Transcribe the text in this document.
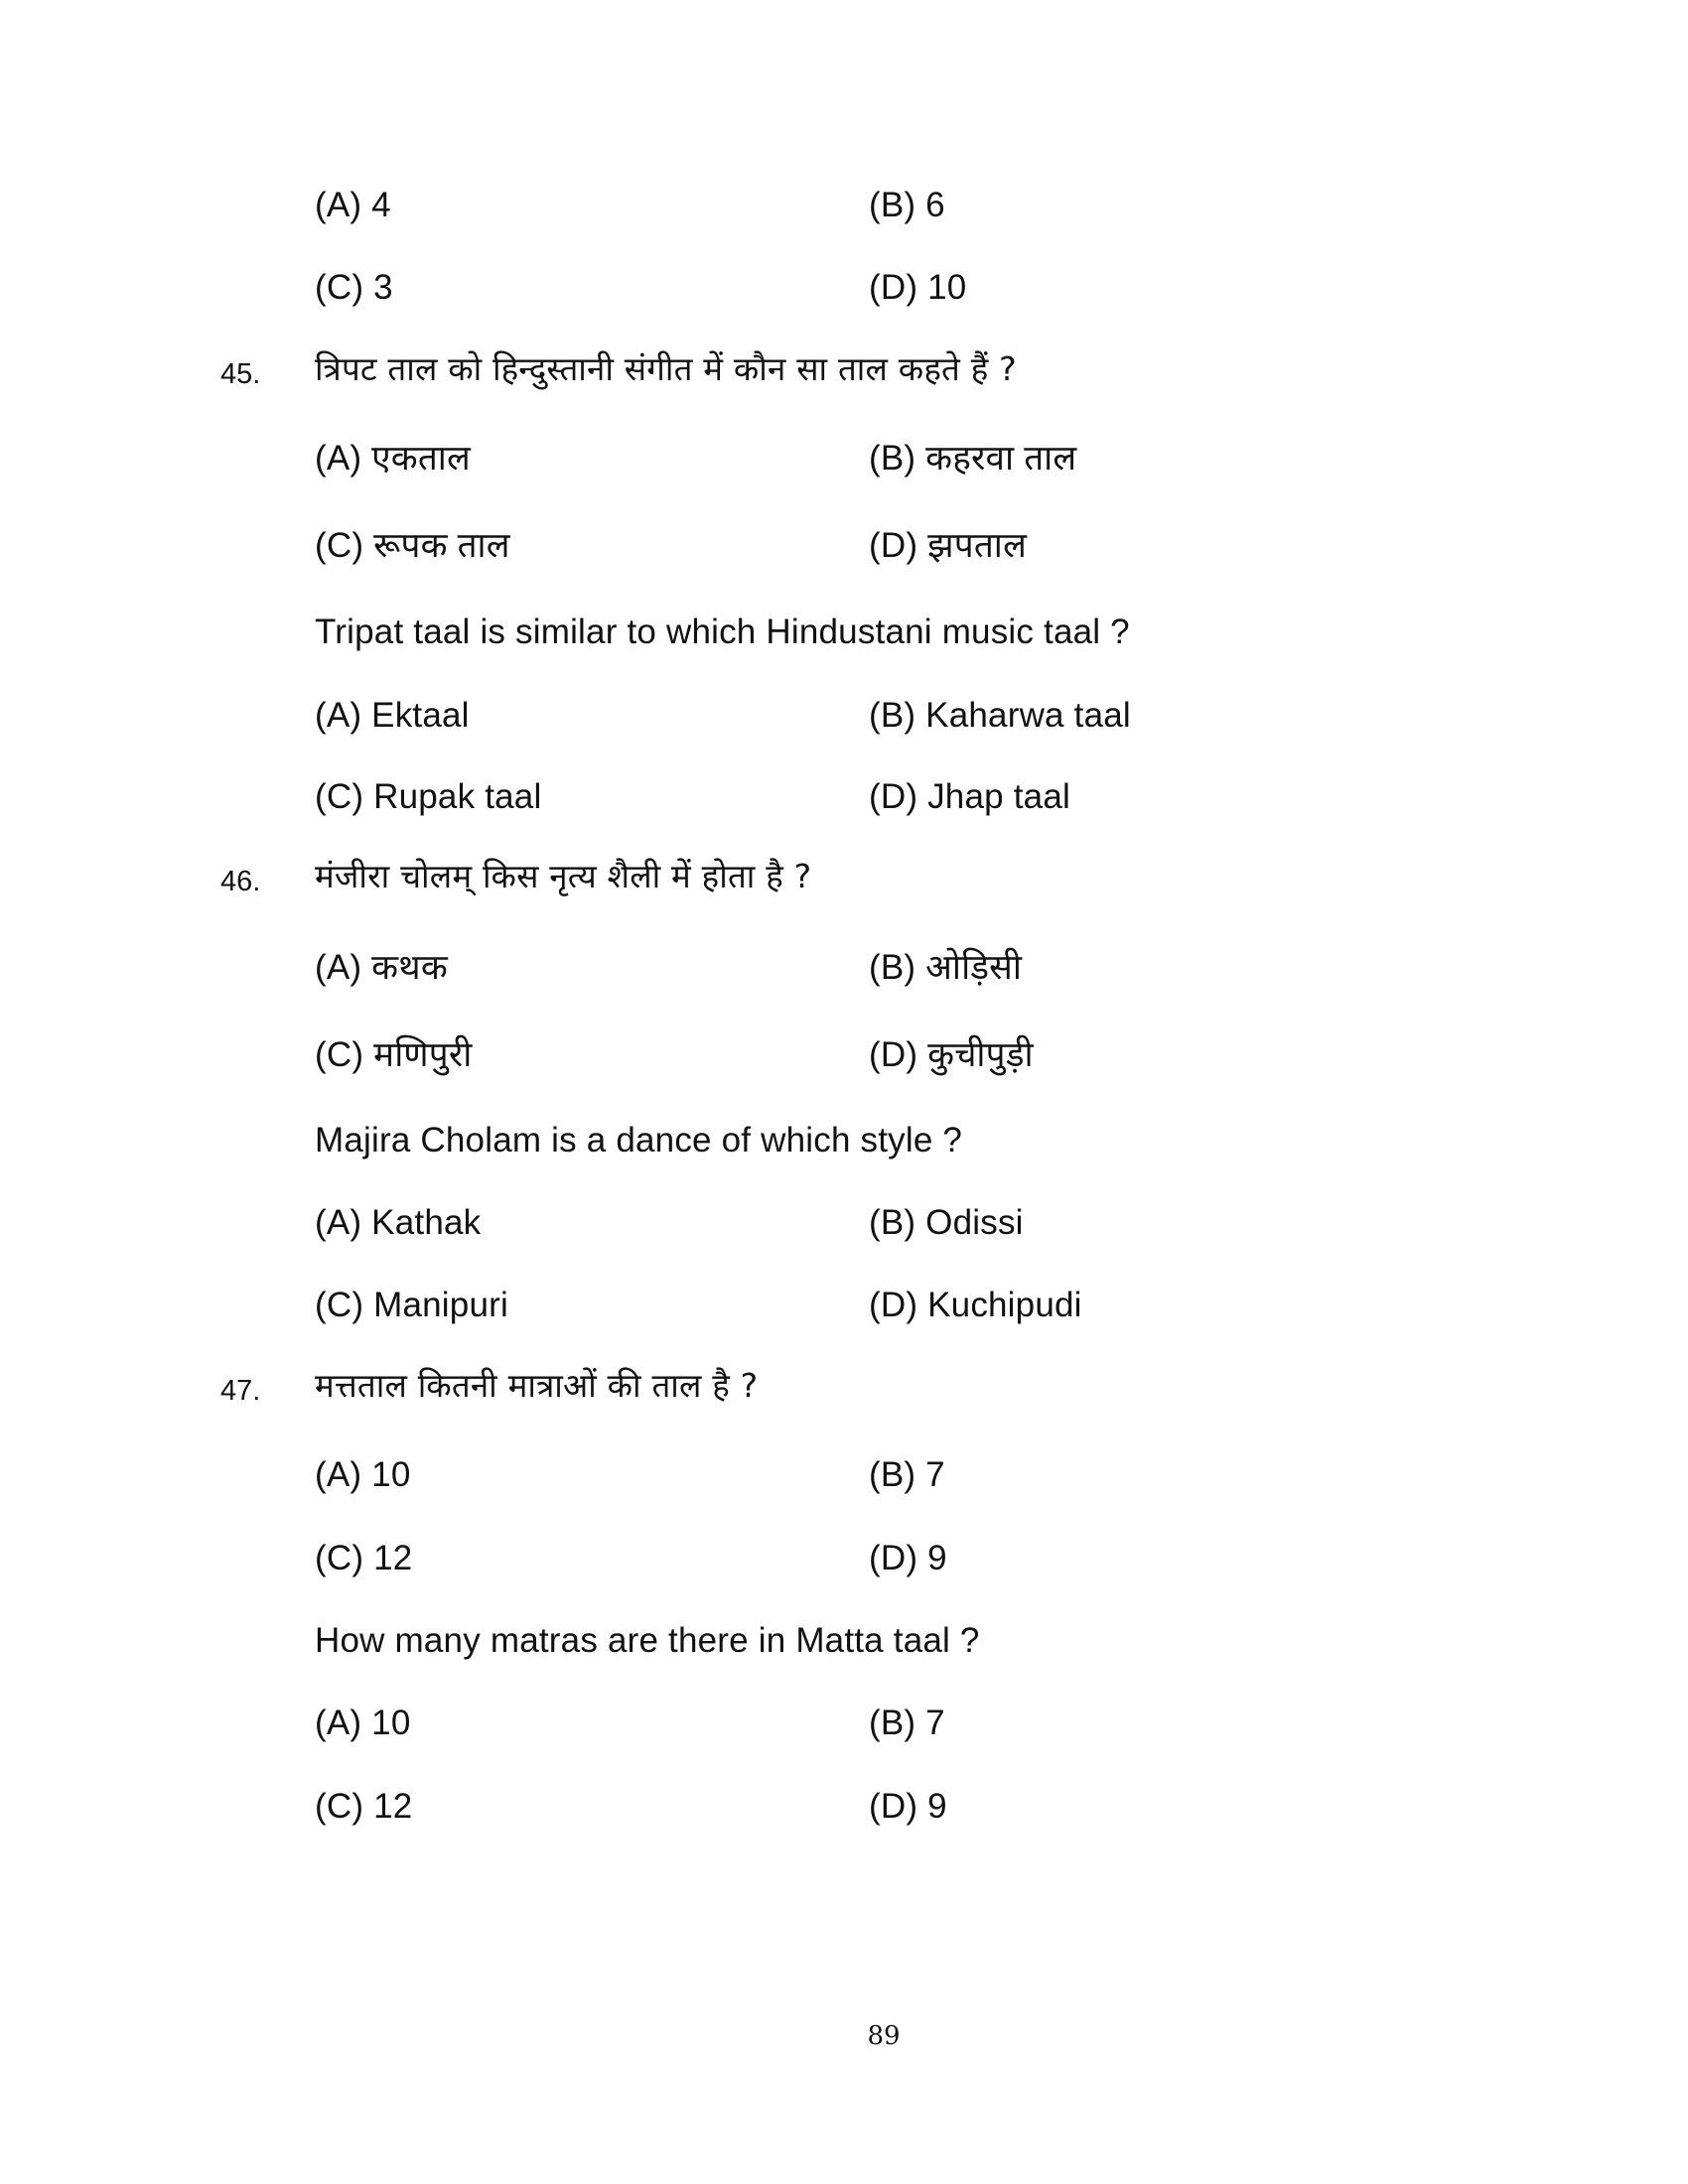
(A) 4	(B) 6
(C) 3	(D) 10
45. त्रिपट ताल को हिन्दुस्तानी संगीत में कौन सा ताल कहते हैं ?
(A) एकताल	(B) कहरवा ताल
(C) रूपक ताल	(D) झपताल
Tripat taal is similar to which Hindustani music taal ?
(A) Ektaal	(B) Kaharwa taal
(C) Rupak taal	(D) Jhap taal
46. मंजीरा चोलम् किस नृत्य शैली में होता है ?
(A) कथक	(B) ओड़िसी
(C) मणिपुरी	(D) कुचीपुड़ी
Majira Cholam is a dance of which style ?
(A) Kathak	(B) Odissi
(C) Manipuri	(D) Kuchipudi
47. मत्तताल कितनी मात्राओं की ताल है ?
(A) 10	(B) 7
(C) 12	(D) 9
How many matras are there in Matta taal ?
(A) 10	(B) 7
(C) 12	(D) 9
89
